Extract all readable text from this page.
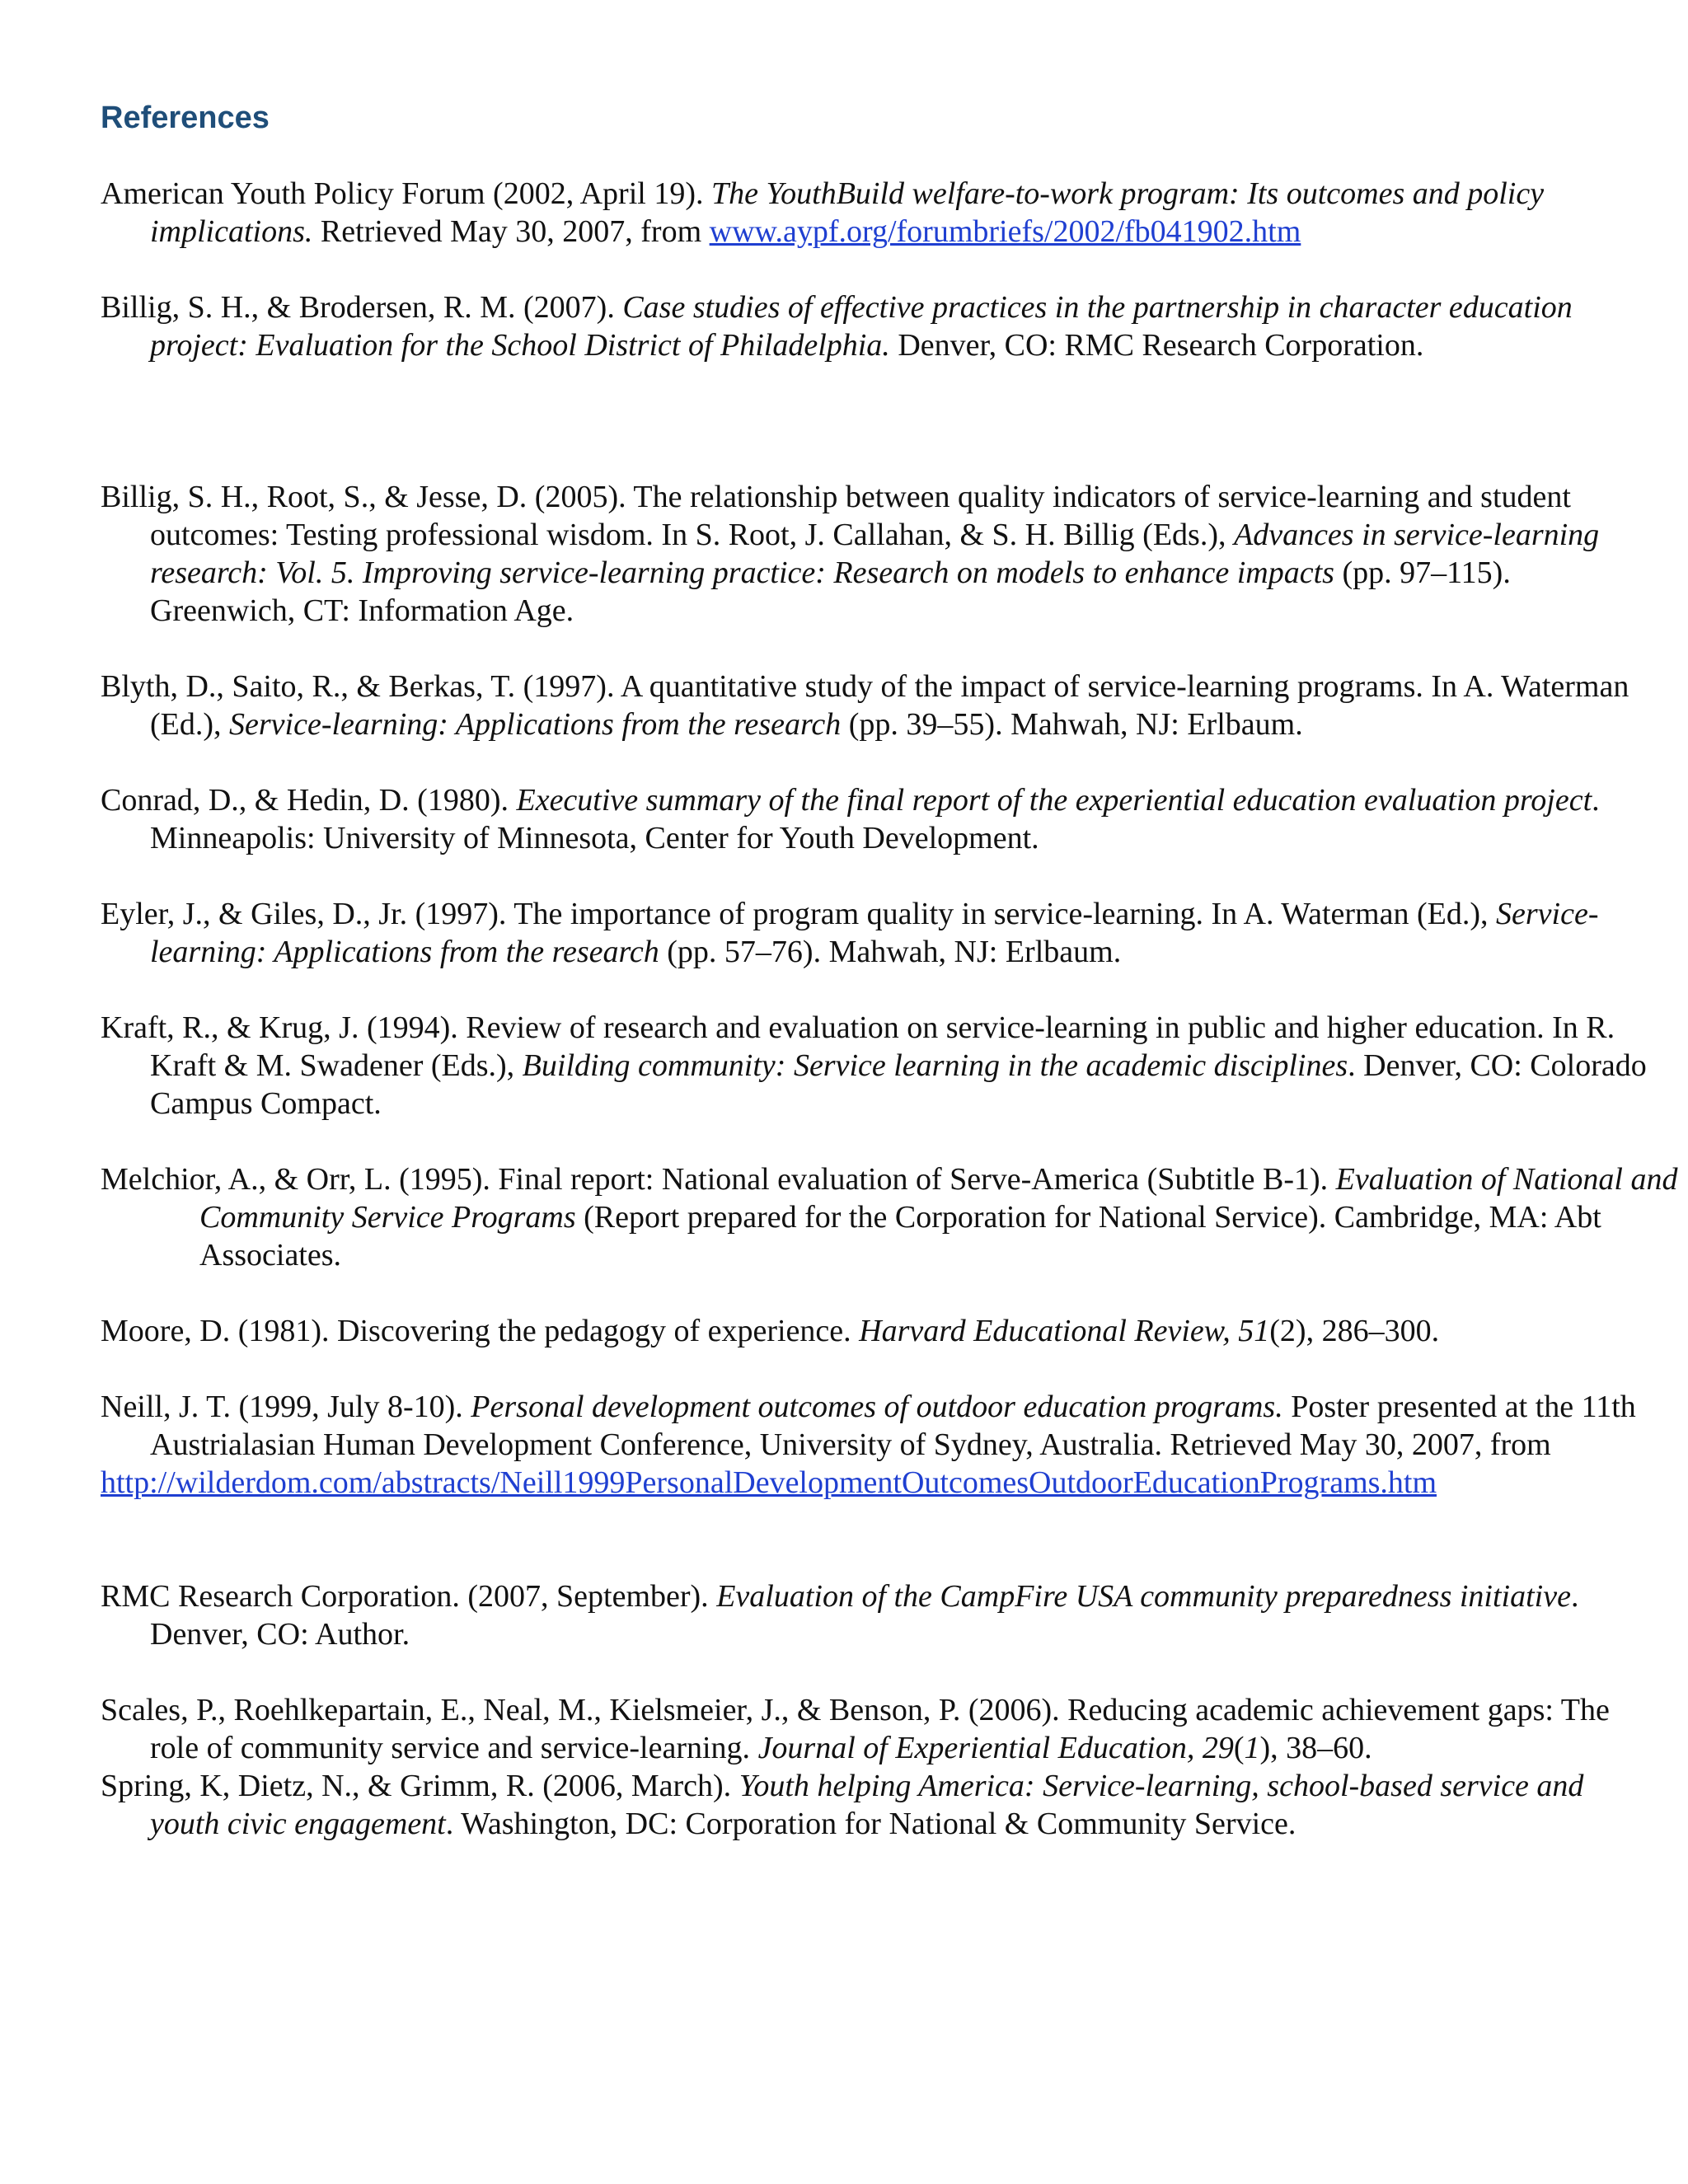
References

American Youth Policy Forum (2002, April 19). The YouthBuild welfare-to-work program: Its outcomes and policy implications. Retrieved May 30, 2007, from www.aypf.org/forumbriefs/2002/fb041902.htm

Billig, S. H., & Brodersen, R. M. (2007). Case studies of effective practices in the partnership in character education project: Evaluation for the School District of Philadelphia. Denver, CO: RMC Research Corporation.

Billig, S. H., Root, S., & Jesse, D. (2005). The relationship between quality indicators of service-learning and student outcomes: Testing professional wisdom. In S. Root, J. Callahan, & S. H. Billig (Eds.), Advances in service-learning research: Vol. 5. Improving service-learning practice: Research on models to enhance impacts (pp. 97–115). Greenwich, CT: Information Age.

Blyth, D., Saito, R., & Berkas, T. (1997). A quantitative study of the impact of service-learning programs. In A. Waterman (Ed.), Service-learning: Applications from the research (pp. 39–55). Mahwah, NJ: Erlbaum.

Conrad, D., & Hedin, D. (1980). Executive summary of the final report of the experiential education evaluation project. Minneapolis: University of Minnesota, Center for Youth Development.

Eyler, J., & Giles, D., Jr. (1997). The importance of program quality in service-learning. In A. Waterman (Ed.), Service-learning: Applications from the research (pp. 57–76). Mahwah, NJ: Erlbaum.

Kraft, R., & Krug, J. (1994). Review of research and evaluation on service-learning in public and higher education. In R. Kraft & M. Swadener (Eds.), Building community: Service learning in the academic disciplines. Denver, CO: Colorado Campus Compact.

Melchior, A., & Orr, L. (1995). Final report: National evaluation of Serve-America (Subtitle B-1). Evaluation of National and Community Service Programs (Report prepared for the Corporation for National Service). Cambridge, MA: Abt Associates.

Moore, D. (1981). Discovering the pedagogy of experience. Harvard Educational Review, 51(2), 286–300.

Neill, J. T. (1999, July 8-10). Personal development outcomes of outdoor education programs. Poster presented at the 11th Austrialasian Human Development Conference, University of Sydney, Australia. Retrieved May 30, 2007, from
http://wilderdom.com/abstracts/Neill1999PersonalDevelopmentOutcomesOutdoorEducationPrograms.htm

RMC Research Corporation. (2007, September). Evaluation of the CampFire USA community preparedness initiative. Denver, CO: Author.

Scales, P., Roehlkepartain, E., Neal, M., Kielsmeier, J., & Benson, P. (2006). Reducing academic achievement gaps: The role of community service and service-learning. Journal of Experiential Education, 29(1), 38–60.

Spring, K, Dietz, N., & Grimm, R. (2006, March). Youth helping America: Service-learning, school-based service and youth civic engagement. Washington, DC: Corporation for National & Community Service.
